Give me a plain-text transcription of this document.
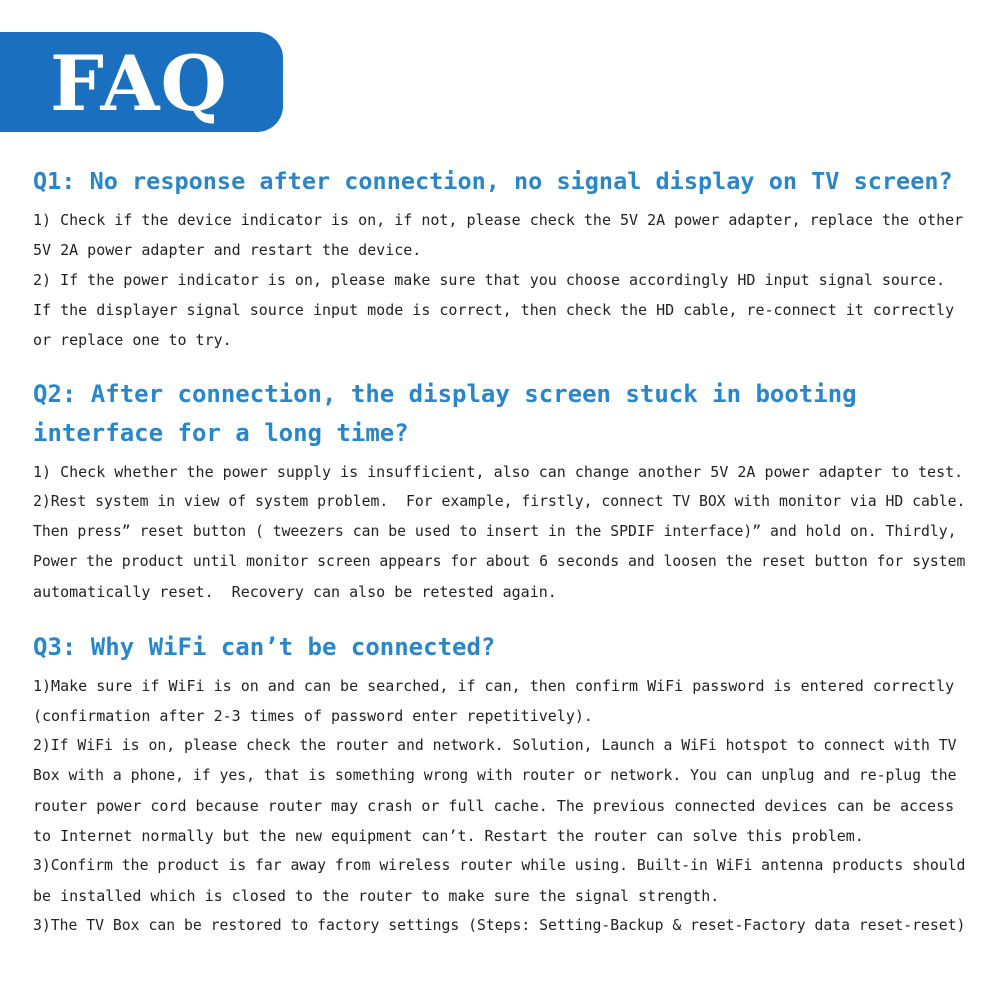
FAQ
Q1: No response after connection, no signal display on TV screen?

1) Check if the device indicator is on, if not, please check the 5V 2A power adapter, replace the other

5V 2A power adapter and restart the device.

2) If the power indicator is on, please make sure that you choose accordingly HD input signal source.

If the displayer signal source input mode is correct, then check the HD cable, re-connect it correctly

or replace one to try.

Q2: After connection, the display screen stuck in booting interface for a long time?

1) Check whether the power supply is insufficient, also can change another 5V 2A power adapter to test.

2)Rest system in view of system problem.  For example, firstly, connect TV BOX with monitor via HD cable.

Then press” reset button ( tweezers can be used to insert in the SPDIF interface)” and hold on. Thirdly,

Power the product until monitor screen appears for about 6 seconds and loosen the reset button for system

automatically reset.  Recovery can also be retested again.

Q3: Why WiFi can’t be connected?

1)Make sure if WiFi is on and can be searched, if can, then confirm WiFi password is entered correctly

(confirmation after 2-3 times of password enter repetitively).

2)If WiFi is on, please check the router and network. Solution, Launch a WiFi hotspot to connect with TV

Box with a phone, if yes, that is something wrong with router or network. You can unplug and re-plug the

router power cord because router may crash or full cache. The previous connected devices can be access

to Internet normally but the new equipment can’t. Restart the router can solve this problem.

3)Confirm the product is far away from wireless router while using. Built-in WiFi antenna products should

be installed which is closed to the router to make sure the signal strength.

3)The TV Box can be restored to factory settings (Steps: Setting-Backup & reset-Factory data reset-reset)
